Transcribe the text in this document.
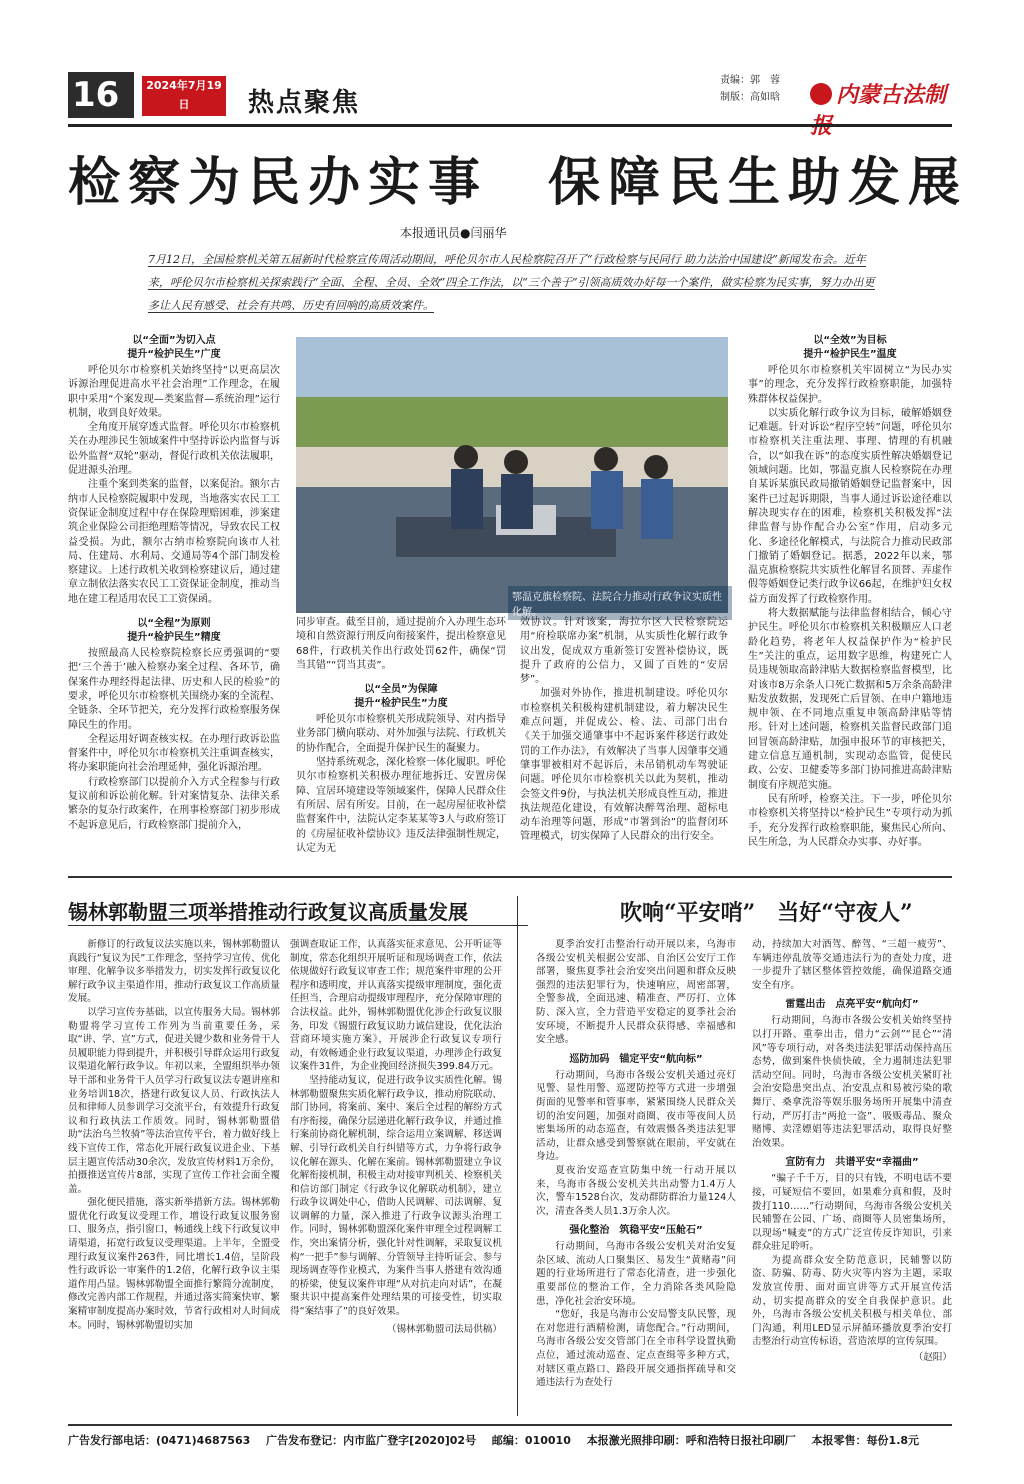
16版
2024年7月19日	热点聚焦
责编：郭　蓉
制版：高如晗	内蒙古法制报
检察为民办实事　保障民生助发展
本报通讯员●闫丽华
7月12日，全国检察机关第五届新时代检察宣传周活动期间，呼伦贝尔市人民检察院召开了“行政检察与民同行 助力法治中国建设”新闻发布会。近年来，呼伦贝尔市检察机关探索践行“全面、全程、全员、全效”四全工作法，以“三个善于”引领高质效办好每一个案件，做实检察为民实事，努力办出更多让人民有感受、社会有共鸣、历史有回响的高质效案件。
以“全面”为切入点
提升“检护民生”广度

呼伦贝尔市检察机关始终坚持“以更高层次诉源治理促进高水平社会治理”工作理念，在履职中采用“个案发现—类案监督—系统治理”运行机制，收到良好效果。

全角度开展穿透式监督。呼伦贝尔市检察机关在办理涉民生领域案件中坚持诉讼内监督与诉讼外监督“双轮”驱动，督促行政机关依法履职，促进源头治理。

注重个案到类案的监督，以案促治。额尔古纳市人民检察院履职中发现，当地落实农民工工资保证金制度过程中存在保险理赔困难，涉案建筑企业保险公司拒绝理赔等情况，导致农民工权益受损。为此，额尔古纳市检察院向该市人社局、住建局、水利局、交通局等4个部门制发检察建议。上述行政机关收到检察建议后，通过建章立制依法落实农民工工资保证金制度，推动当地在建工程适用农民工工资保函。

以“全程”为原则
提升“检护民生”精度

按照最高人民检察院检察长应勇强调的“要把‘三个善于’融入检察办案全过程、各环节，确保案件办理经得起法律、历史和人民的检验”的要求，呼伦贝尔市检察机关围绕办案的全流程、全链条、全环节把关，充分发挥行政检察服务保障民生的作用。

全程运用好调查核实权。在办理行政诉讼监督案件中，呼伦贝尔市检察机关注重调查核实，将办案职能向社会治理延伸，强化诉源治理。

行政检察部门以提前介入方式全程参与行政复议前和诉讼前化解。针对案情复杂、法律关系繁杂的复杂行政案件，在刑事检察部门初步形成不起诉意见后，行政检察部门提前介入，

鄂温克旗检察院、法院合力推动行政争议实质性化解。

同步审查。截至目前，通过提前介入办理生态环境和自然资源行刑反向衔接案件，提出检察意见68件，行政机关作出行政处罚62件，确保“罚当其错”“罚当其责”。

以“全员”为保障
提升“检护民生”力度

呼伦贝尔市检察机关形成院领导、对内指导业务部门横向联动、对外加强与法院、行政机关的协作配合，全面提升保护民生的凝聚力。

坚持系统观念，深化检察一体化履职。呼伦贝尔市检察机关积极办理征地拆迁、安置房保障、宜居环境建设等领域案件，保障人民群众住有所居、居有所安。目前，在一起房屋征收补偿监督案件中，法院认定李某某等3人与政府签订的《房屋征收补偿协议》违反法律强制性规定，认定为无

效协议。针对该案，海拉尔区人民检察院运用“府检联席办案”机制，从实质性化解行政争议出发，促成双方重新签订安置补偿协议，既提升了政府的公信力，又圆了百姓的“安居梦”。

加强对外协作，推进机制建设。呼伦贝尔市检察机关积极构建机制建设，着力解决民生难点问题，并促成公、检、法、司部门出台《关于加强交通肇事中不起诉案件移送行政处罚的工作办法》，有效解决了当事人因肇事交通肇事罪被相对不起诉后，未吊销机动车驾驶证问题。呼伦贝尔市检察机关以此为契机，推动会签文件9份，与执法机关形成良性互动，推进执法规范化建设，有效解决醉驾治理、超标电动车治理等问题，形成“市署到治”的监督闭环管理模式，切实保障了人民群众的出行安全。

以“全效”为目标
提升“检护民生”温度

呼伦贝尔市检察机关牢固树立“为民办实事”的理念，充分发挥行政检察职能，加强特殊群体权益保护。

以实质化解行政争议为目标，破解婚姻登记难题。针对诉讼“程序空转”问题，呼伦贝尔市检察机关注重法理、事理、情理的有机融合，以“如我在诉”的态度实质性解决婚姻登记领域问题。比如，鄂温克旗人民检察院在办理自某诉某旗民政局撤销婚姻登记监督案中，因案件已过起诉期限，当事人通过诉讼途径难以解决现实存在的困难，检察机关积极发挥“法律监督与协作配合办公室”作用，启动多元化、多途径化解模式，与法院合力推动民政部门撤销了婚姻登记。据悉，2022年以来，鄂温克旗检察院共实质性化解冒名顶替、弄虚作假等婚姻登记类行政争议66起，在维护妇女权益方面发挥了行政检察作用。

将大数据赋能与法律监督相结合，倾心守护民生。呼伦贝尔市检察机关积极顺应人口老龄化趋势，将老年人权益保护作为“检护民生”关注的重点，运用数字思维，构建死亡人员违规领取高龄津贴大数据检察监督模型，比对该市8万余条人口死亡数据和5万余条高龄津贴发放数据，发现死亡后冒领、在申户籍地违规申领、在不同地点重复申领高龄津贴等情形。针对上述问题，检察机关监督民政部门追回冒领高龄津贴，加强申报环节的审核把关，建立信息互通机制，实现动态监管，促使民政、公安、卫健委等多部门协同推进高龄津贴制度有序规范实施。

民有所呼，检察关注。下一步，呼伦贝尔市检察机关将坚持以“检护民生”专项行动为抓手，充分发挥行政检察职能，聚焦民心所向、民生所急，为人民群众办实事、办好事。

锡林郭勒盟三项举措推动行政复议高质量发展

新修订的行政复议法实施以来，锡林郭勒盟认真践行“复议为民”工作理念，坚持学习宣传、优化审理、化解争议多举措发力，切实发挥行政复议化解行政争议主渠道作用，推动行政复议工作高质量发展。

以学习宣传夯基础，以宣传服务大局。锡林郭勒盟将学习宣传工作列为当前重要任务，采取“讲、学、宣”方式，促进关键少数和业务骨干人员履职能力得到提升，并积极引导群众运用行政复议渠道化解行政争议。年初以来，全盟组织举办领导干部和业务骨干人员学习行政复议法专题讲座和业务培训18次，搭建行政复议人员、行政执法人员和律师人员参训学习交流平台，有效提升行政复议和行政执法工作质效。同时，锡林郭勒盟借助“法治乌兰牧骑”等法治宣传平台，着力做好线上线下宣传工作，常态化开展行政复议进企业、下基层主题宣传活动30余次，发放宣传材料1万余份，拍摄推送宣传片8部，实现了宣传工作社会面全覆盖。

强化便民措施，落实新举措新方法。锡林郭勒盟优化行政复议受理工作，增设行政复议服务窗口、服务点，指引窗口，畅通线上线下行政复议申请渠道，拓宽行政复议受理渠道。上半年，全盟受理行政复议案件263件，同比增长1.4倍，呈阶段性行政诉讼一审案件的1.2倍，化解行政争议主渠道作用凸显。锡林郭勒盟全面推行繁简分流制度，修改完善内部工作规程，并通过落实简案快审、繁案精审制度提高办案时效，节省行政相对人时间成本。同时，锡林郭勒盟切实加

强调查取证工作，认真落实征求意见、公开听证等制度，常态化组织开展听证和现场调查工作，依法依规做好行政复议审查工作；规范案件审理的公开程序和透明度，并认真落实提级审理制度，强化责任担当，合理启动提级审理程序，充分保障审理的合法权益。此外，锡林郭勒盟优化涉企行政复议服务，印发《锡盟行政复议助力诚信建设，优化法治营商环境实施方案》，开展涉企行政复议专项行动，有效畅通企业行政复议渠道，办理涉企行政复议案件31件，为企业挽回经济损失399.84万元。

坚持能动复议，促进行政争议实质性化解。锡林郭勒盟聚焦实质化解行政争议，推动府院联动、部门协同，将案前、案中、案后全过程的解纷方式有序衔接，确保分层递进化解行政争议，并通过推行案前协商化解机制，综合运用立案调解、移送调解、引导行政机关自行纠错等方式，力争将行政争议化解在源头、化解在案前。锡林郭勒盟建立争议化解衔接机制，积极主动对接审判机关、检察机关和信访部门制定《行政争议化解联动机制》，建立行政争议调处中心，借助人民调解、司法调解、复议调解的力量，深入推进了行政争议源头治理工作。同时，锡林郭勒盟深化案件审理全过程调解工作，突出案情分析，强化针对性调解，采取复议机构“一把手”参与调解、分管领导主持听证会、参与现场调查等作业模式，为案件当事人搭建有效沟通的桥梁，使复议案件审理“从对抗走向对话”，在凝聚共识中提高案件处理结果的可接受性，切实取得“案结事了”的良好效果。

（锡林郭勒盟司法局供稿）
吹响“平安哨”　当好“守夜人”

夏季治安打击整治行动开展以来，乌海市各级公安机关根据公安部、自治区公安厅工作部署，聚焦夏季社会治安突出问题和群众反映强烈的违法犯罪行为，快速响应，周密部署，全警参战，全面迅速、精准查、严厉打、立体防、深入宣，全力营造平安稳定的夏季社会治安环境，不断提升人民群众获得感、幸福感和安全感。

巡防加码　锚定平安“航向标”

行动期间，乌海市各级公安机关通过亮灯见警、显性用警、巡逻防控等方式进一步增强街面的见警率和管事率，紧紧围绕人民群众关切的治安问题，加强对商圈、夜市等夜间人员密集场所的动态巡查，有效震慑各类违法犯罪活动，让群众感受到警察就在眼前，平安就在身边。

夏夜治安巡查宣防集中统一行动开展以来，乌海市各级公安机关共出动警力1.4万人次，警车1528台次，发动群防群治力量124人次，清查各类人员1.3万余人次。

强化整治　筑稳平安“压舱石”

行动期间，乌海市各级公安机关对治安复杂区域、流动人口聚集区、易发生“黄赌毒”问题的行业场所进行了常态化清查，进一步强化重要部位的整治工作，全力消除各类风险隐患，净化社会治安环境。

“您好，我是乌海市公安局警支队民警，现在对您进行酒精检测，请您配合。”行动期间，乌海市各级公安交管部门在全市科学设置执勤点位，通过流动巡查、定点查缉等多种方式，对辖区重点路口、路段开展交通指挥疏导和交通违法行为查处行

动，持续加大对酒驾、醉驾、“三超一疲劳”、车辆违停乱放等交通违法行为的查处力度，进一步提升了辖区整体管控效能，确保道路交通安全有序。

雷霆出击　点亮平安“航向灯”

行动期间，乌海市各级公安机关始终坚持以打开路、重拳出击，借力“云剑”“昆仑”“清风”等专项行动，对各类违法犯罪活动保持高压态势，做到案件快侦快破，全力遏制违法犯罪活动空间。同时，乌海市各级公安机关紧盯社会治安隐患突出点、治安乱点和易被污染的歌舞厅、桑拿洗浴等娱乐服务场所开展集中清查行动，严厉打击“两抢一盗”、吸贩毒品、聚众赌博、卖淫嫖娼等违法犯罪活动，取得良好整治效果。

宣防有力　共谱平安“幸福曲”

“骗子千千万，目的只有钱，不明电话不要接，可疑短信不要回，如果难分真和假，及时拨打110……”行动期间，乌海市各级公安机关民辅警在公园、广场、商圈等人员密集场所，以现场“喊麦”的方式广泛宣传反诈知识，引来群众驻足聆听。

为提高群众安全防范意识，民辅警以防盗、防骗、防毒、防火灾等内容为主题，采取发放宣传册、面对面宣讲等方式开展宣传活动，切实提高群众的安全自我保护意识。此外，乌海市各级公安机关积极与相关单位、部门沟通，利用LED显示屏循环播放夏季治安打击整治行动宣传标语，营造浓厚的宣传氛围。

（赵阳）
广告发行部电话：(0471)4687563 广告发布登记：内市监广登字[2020]02号 邮编：010010 本报激光照排印刷：呼和浩特日报社印刷厂 本报零售：每份1.8元
